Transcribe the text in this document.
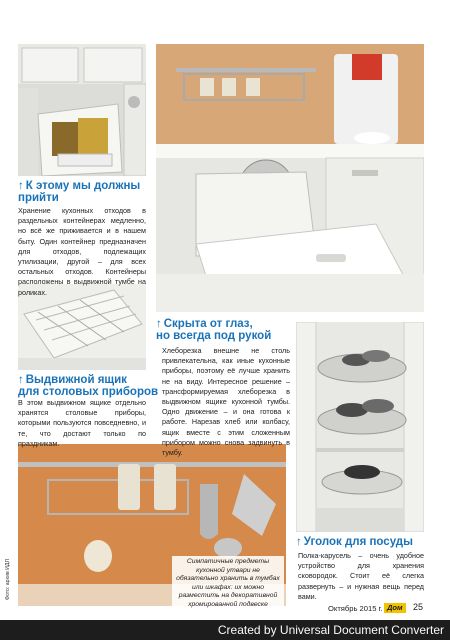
↑ К этому мы должны
прийти
Хранение кухонных отходов в раздельных контейнерах медленно, но всё же приживается и в нашем быту. Один контейнер предназначен для отходов, подлежащих утилизации, другой – для всех остальных отходов. Контейнеры расположены в выдвижной тумбе на роликах.
↑ Выдвижной ящик
для столовых приборов
В этом выдвижном ящике отдельно хранятся столовые приборы, которыми пользуются повседневно, и те, что достают только по праздникам.
↑ Скрыта от глаз,
но всегда под рукой
Хлеборезка внешне не столь привлекательна, как иные кухонные приборы, поэтому её лучше хранить не на виду. Интересное решение – трансформируемая хлеборезка в выдвижном ящике кухонной тумбы. Одно движение – и она готова к работе. Нарезав хлеб или колбасу, ящик вместе с этим сложенным прибором можно снова задвинуть в тумбу.
↑ Уголок для посуды
Полка-карусель – очень удобное устройство для хранения сковородок. Стоит её слегка развернуть – и нужная вещь перед вами.
Симпатичные предметы кухонной утвари не обязательно хранить в тумбах или шкафах: их можно разместить на декоративной хромированной подвеске
Фото: архив ИДЛ
Октябрь 2015 г. Дом	25
Created by Universal Document Converter
